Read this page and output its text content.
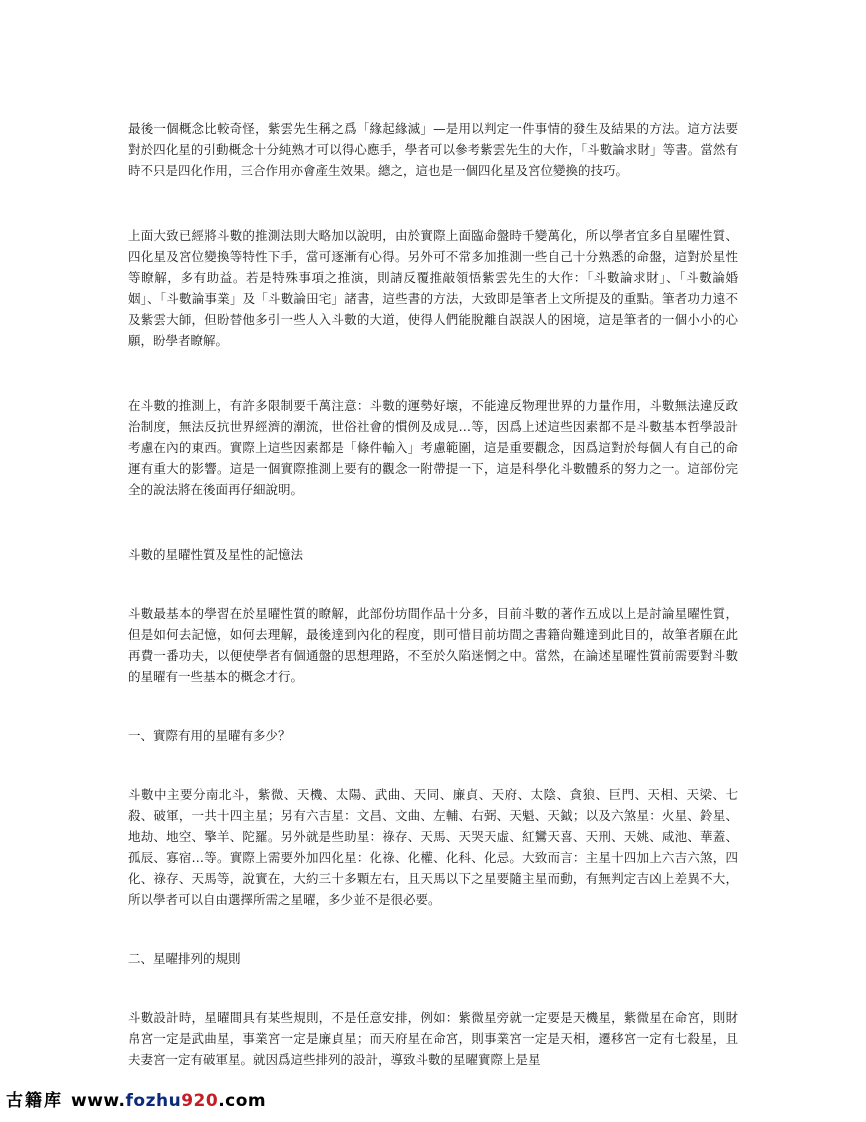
最後一個概念比較奇怪，紫雲先生稱之爲「緣起緣滅」—是用以判定一件事情的發生及結果的方法。這方法要對於四化星的引動概念十分純熟才可以得心應手，學者可以參考紫雲先生的大作，「斗數論求財」等書。當然有時不只是四化作用，三合作用亦會產生效果。總之，這也是一個四化星及宮位變換的技巧。

上面大致已經將斗數的推測法則大略加以說明，由於實際上面臨命盤時千變萬化，所以學者宜多自星曜性質、四化星及宮位變換等特性下手，當可逐漸有心得。另外可不常多加推測一些自己十分熟悉的命盤，這對於星性等瞭解，多有助益。若是特殊事項之推演，則請反覆推敲領悟紫雲先生的大作：「斗數論求財」、「斗數論婚姻」、「斗數論事業」及「斗數論田宅」諸書，這些書的方法，大致即是筆者上文所提及的重點。筆者功力遠不及紫雲大師，但盼替他多引一些人入斗數的大道，使得人們能脫離自誤誤人的困境，這是筆者的一個小小的心願，盼學者瞭解。

在斗數的推測上，有許多限制要千萬注意：斗數的運勢好壞，不能違反物理世界的力量作用，斗數無法違反政治制度，無法反抗世界經濟的潮流，世俗社會的慣例及成見…等，因爲上述這些因素都不是斗數基本哲學設計考慮在內的東西。實際上這些因素都是「條件輸入」考慮範圍，這是重要觀念，因爲這對於每個人有自己的命運有重大的影響。這是一個實際推測上要有的觀念一附帶提一下，這是科學化斗數體系的努力之一。這部份完全的說法將在後面再仔細說明。

斗數的星曜性質及星性的記憶法

斗數最基本的學習在於星曜性質的瞭解，此部份坊間作品十分多，目前斗數的著作五成以上是討論星曜性質，但是如何去記憶，如何去理解，最後達到內化的程度，則可惜目前坊間之書籍尙難達到此目的，故筆者願在此再費一番功夫，以便使學者有個通盤的思想理路，不至於久陷迷惘之中。當然，在論述星曜性質前需要對斗數的星曜有一些基本的概念才行。

一、實際有用的星曜有多少？

斗數中主要分南北斗，紫微、天機、太陽、武曲、天同、廉貞、天府、太陰、貪狼、巨門、天相、天梁、七殺、破軍，一共十四主星；另有六吉星：文昌、文曲、左輔、右弼、天魁、天鉞；以及六煞星：火星、鈴星、地劫、地空、擎羊、陀羅。另外就是些助星：祿存、天馬、天哭天虛、紅鸞天喜、天刑、天姚、咸池、華蓋、孤辰、寡宿…等。實際上需要外加四化星：化祿、化權、化科、化忌。大致而言：主星十四加上六吉六煞，四化、祿存、天馬等，說實在，大約三十多顆左右，且天馬以下之星要隨主星而動，有無判定吉凶上差異不大，所以學者可以自由選擇所需之星曜，多少並不是很必要。

二、星曜排列的規則

斗數設計時，星曜間具有某些規則，不是任意安排，例如：紫微星旁就一定要是天機星，紫微星在命宮，則財帛宮一定是武曲星，事業宮一定是廉貞星；而天府星在命宮，則事業宮一定是天相，遷移宮一定有七殺星，且夫妻宮一定有破軍星。就因爲這些排列的設計，導致斗數的星曜實際上是星

古籍库 www.fozhu920.com
